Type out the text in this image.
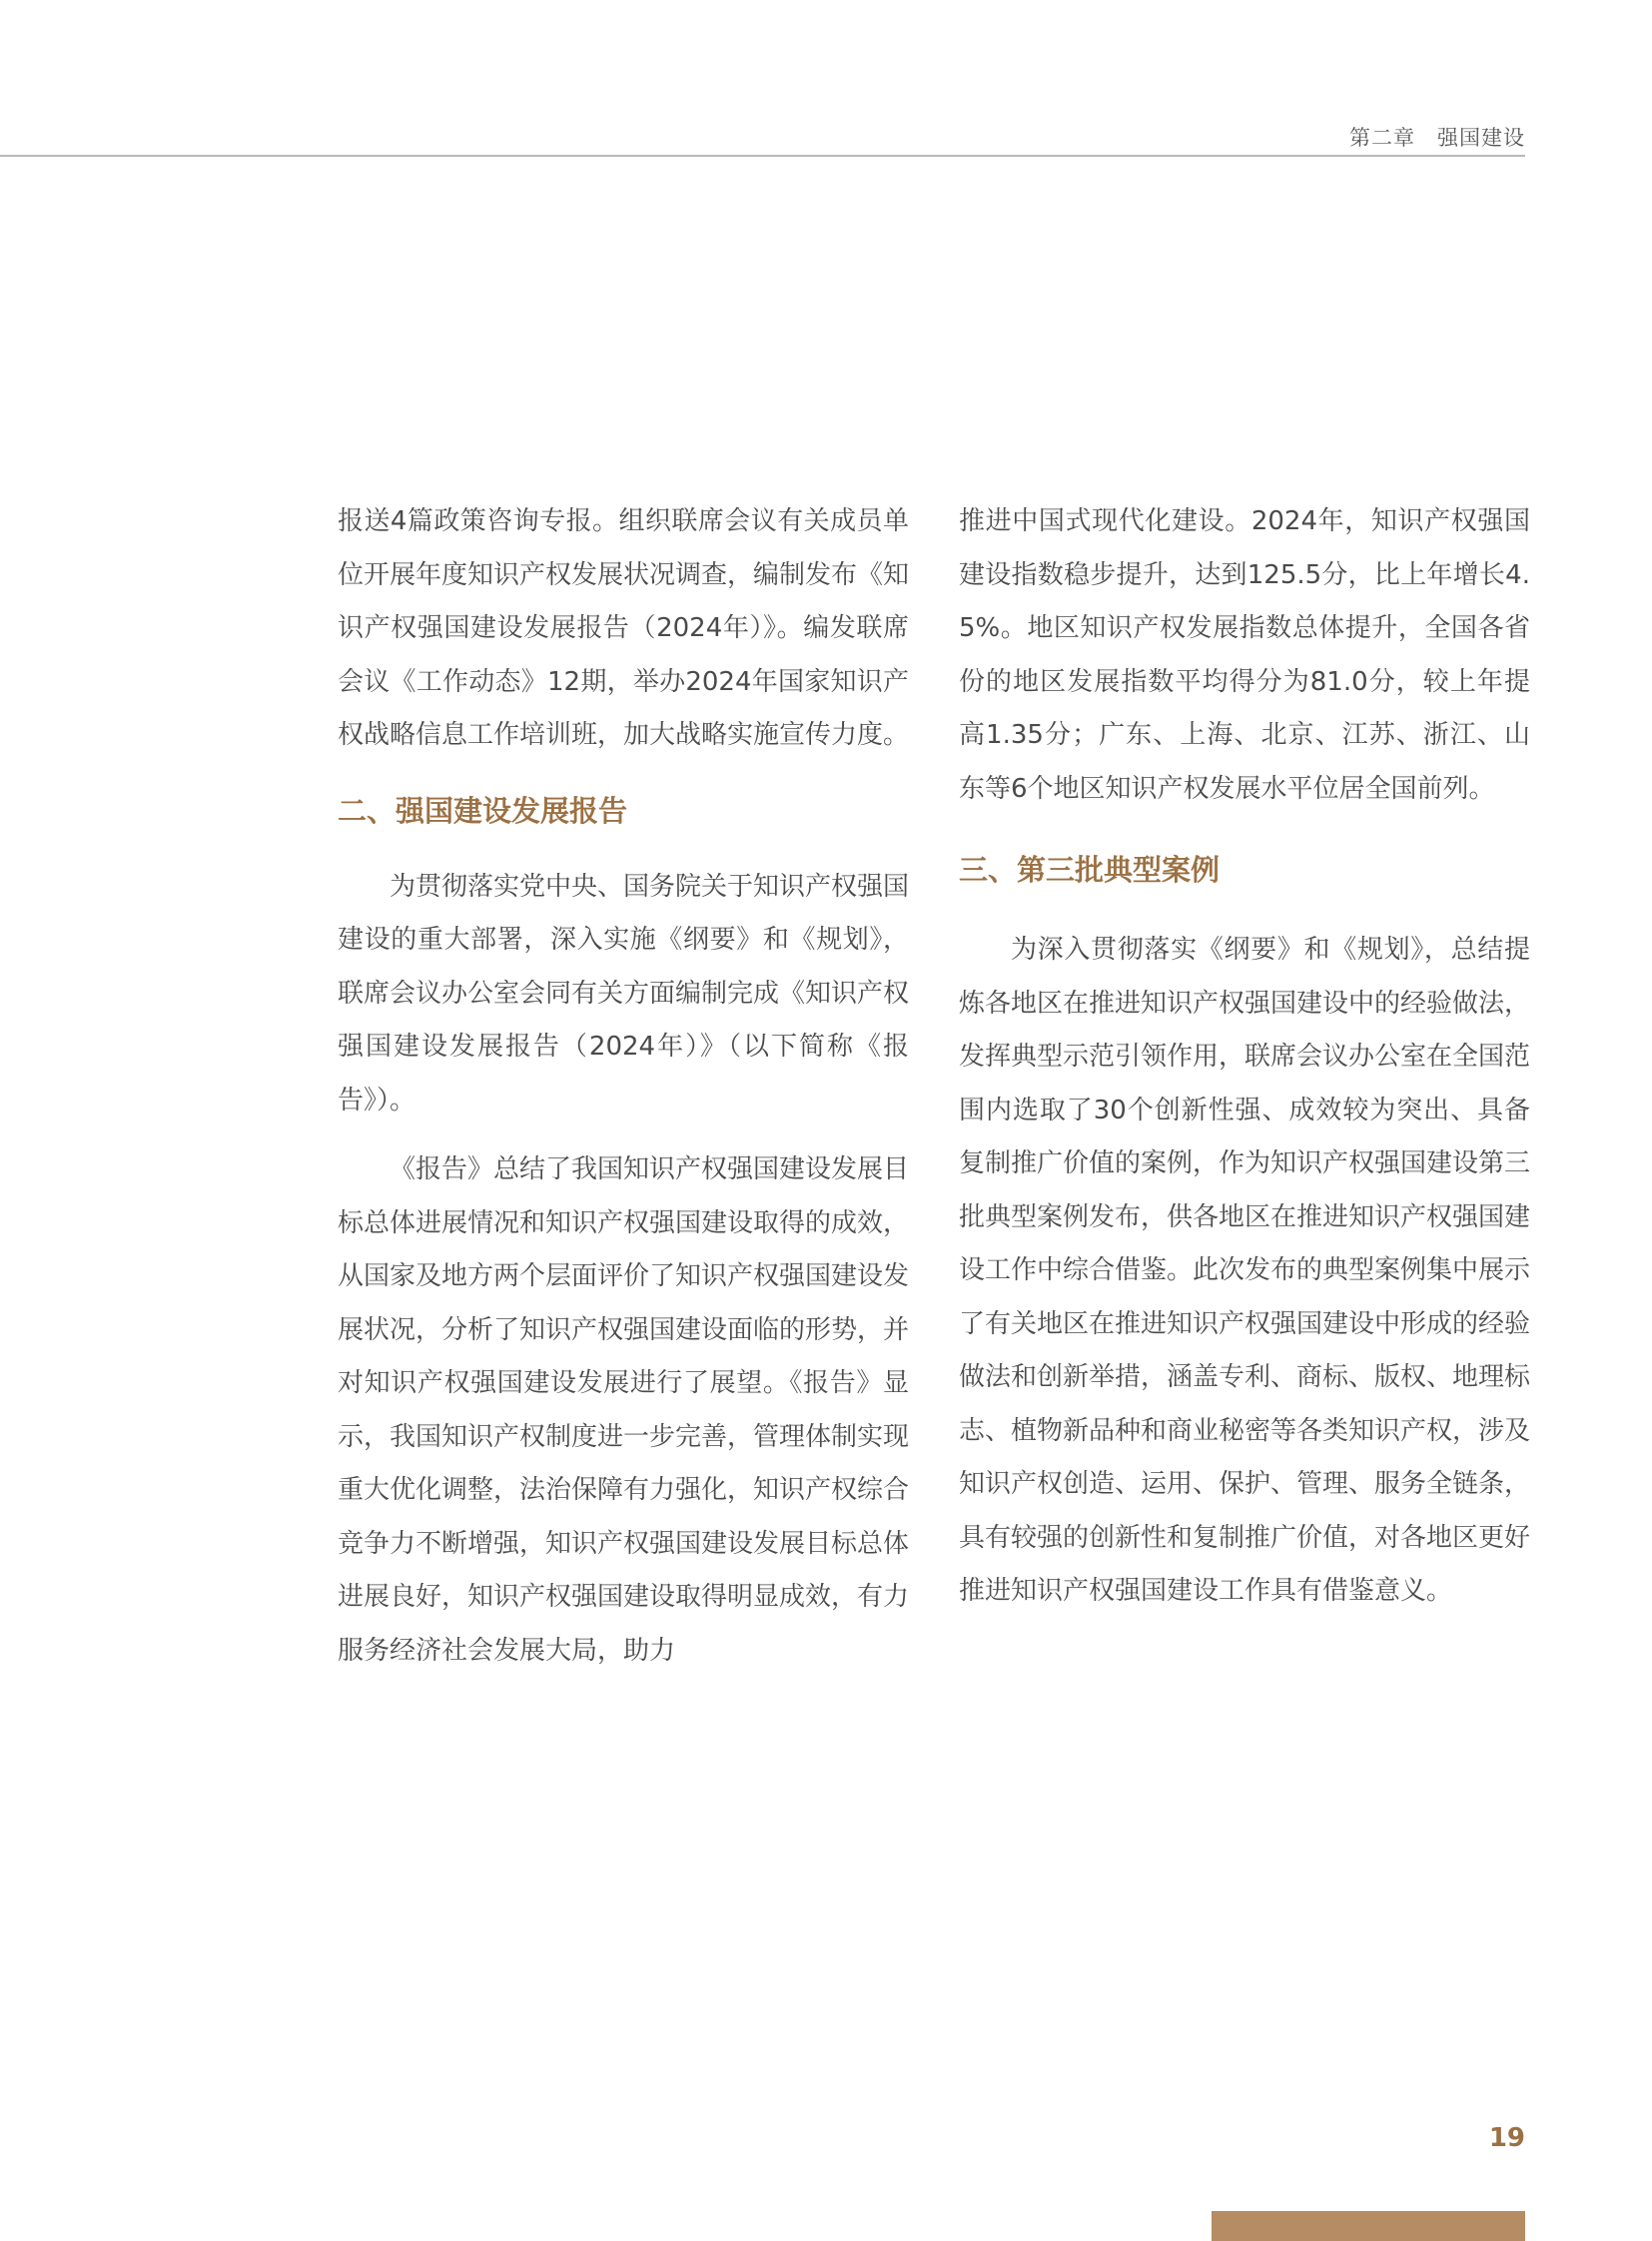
第二章　强国建设

报送4篇政策咨询专报。组织联席会议有关成员单位开展年度知识产权发展状况调查，编制发布《知识产权强国建设发展报告（2024年）》。编发联席会议《工作动态》12期，举办2024年国家知识产权战略信息工作培训班，加大战略实施宣传力度。

二、强国建设发展报告

为贯彻落实党中央、国务院关于知识产权强国建设的重大部署，深入实施《纲要》和《规划》，联席会议办公室会同有关方面编制完成《知识产权强国建设发展报告（2024年）》（以下简称《报告》）。

《报告》总结了我国知识产权强国建设发展目标总体进展情况和知识产权强国建设取得的成效，从国家及地方两个层面评价了知识产权强国建设发展状况，分析了知识产权强国建设面临的形势，并对知识产权强国建设发展进行了展望。《报告》显示，我国知识产权制度进一步完善，管理体制实现重大优化调整，法治保障有力强化，知识产权综合竞争力不断增强，知识产权强国建设发展目标总体进展良好，知识产权强国建设取得明显成效，有力服务经济社会发展大局，助力

推进中国式现代化建设。2024年，知识产权强国建设指数稳步提升，达到125.5分，比上年增长4.5%。地区知识产权发展指数总体提升，全国各省份的地区发展指数平均得分为81.0分，较上年提高1.35分；广东、上海、北京、江苏、浙江、山东等6个地区知识产权发展水平位居全国前列。

三、第三批典型案例

为深入贯彻落实《纲要》和《规划》，总结提炼各地区在推进知识产权强国建设中的经验做法，发挥典型示范引领作用，联席会议办公室在全国范围内选取了30个创新性强、成效较为突出、具备复制推广价值的案例，作为知识产权强国建设第三批典型案例发布，供各地区在推进知识产权强国建设工作中综合借鉴。此次发布的典型案例集中展示了有关地区在推进知识产权强国建设中形成的经验做法和创新举措，涵盖专利、商标、版权、地理标志、植物新品种和商业秘密等各类知识产权，涉及知识产权创造、运用、保护、管理、服务全链条，具有较强的创新性和复制推广价值，对各地区更好推进知识产权强国建设工作具有借鉴意义。

19
